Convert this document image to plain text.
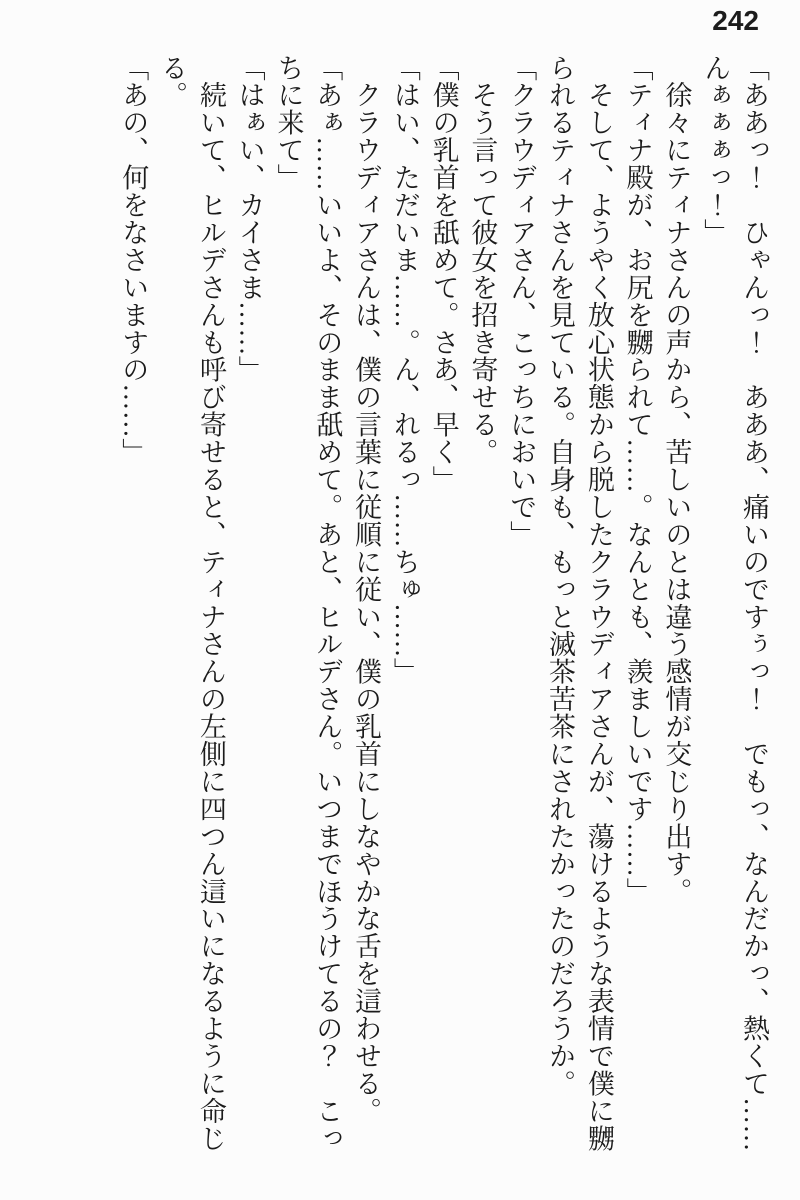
242
「ああっ！　ひゃんっ！　あああ、痛いのですぅっ！　でもっ、なんだかっ、熱くて……
んぁぁぁっ！」
　徐々にティナさんの声から、苦しいのとは違う感情が交じり出す。
「ティナ殿が、お尻を嬲られて……。なんとも、羨ましいです……」
　そして、ようやく放心状態から脱したクラウディアさんが、蕩けるような表情で僕に嬲
られるティナさんを見ている。自身も、もっと滅茶苦茶にされたかったのだろうか。
「クラウディアさん、こっちにおいで」
　そう言って彼女を招き寄せる。
「僕の乳首を舐めて。さあ、早く」
「はい、ただいま……。ん、れるっ……ちゅ……」
　クラウディアさんは、僕の言葉に従順に従い、僕の乳首にしなやかな舌を這わせる。
「あぁ……いいよ、そのまま舐めて。あと、ヒルデさん。いつまでほうけてるの？　こっ
ちに来て」
「はぁい、カイさま……」
　続いて、ヒルデさんも呼び寄せると、ティナさんの左側に四つん這いになるように命じ
る。
「あの、何をなさいますの……」
